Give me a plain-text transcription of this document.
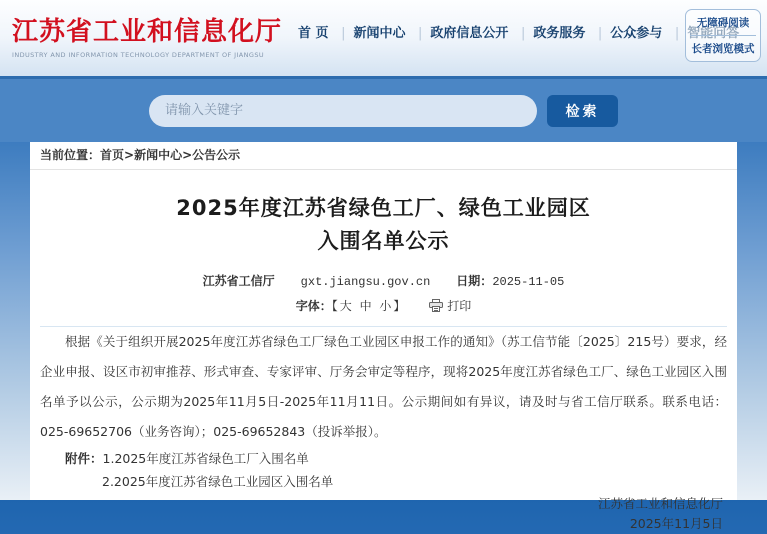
江苏省工业和信息化厅
INDUSTRY AND INFORMATION TECHNOLOGY DEPARTMENT OF JIANGSU
首 页 | 新闻中心 | 政府信息公开 | 政务服务 | 公众参与 |
无障碍阅读
长者浏览模式
请输入关键字
检索
当前位置：首页>新闻中心>公告公示
2025年度江苏省绿色工厂、绿色工业园区
入围名单公示
江苏省工信厅 gxt.jiangsu.gov.cn 日期：2025-11-05
字体：【大 中 小】	打印

根据《关于组织开展2025年度江苏省绿色工厂绿色工业园区申报工作的通知》（苏工信节能〔2025〕215号）要求，经企业申报、设区市初审推荐、形式审查、专家评审、厅务会审定等程序，现将2025年度江苏省绿色工厂、绿色工业园区入围名单予以公示，公示期为2025年11月5日-2025年11月11日。公示期间如有异议，请及时与省工信厅联系。联系电话：025-69652706（业务咨询）；025-69652843（投诉举报）。

附件：1.2025年度江苏省绿色工厂入围名单
2.2025年度江苏省绿色工业园区入围名单
江苏省工业和信息化厅
2025年11月5日
